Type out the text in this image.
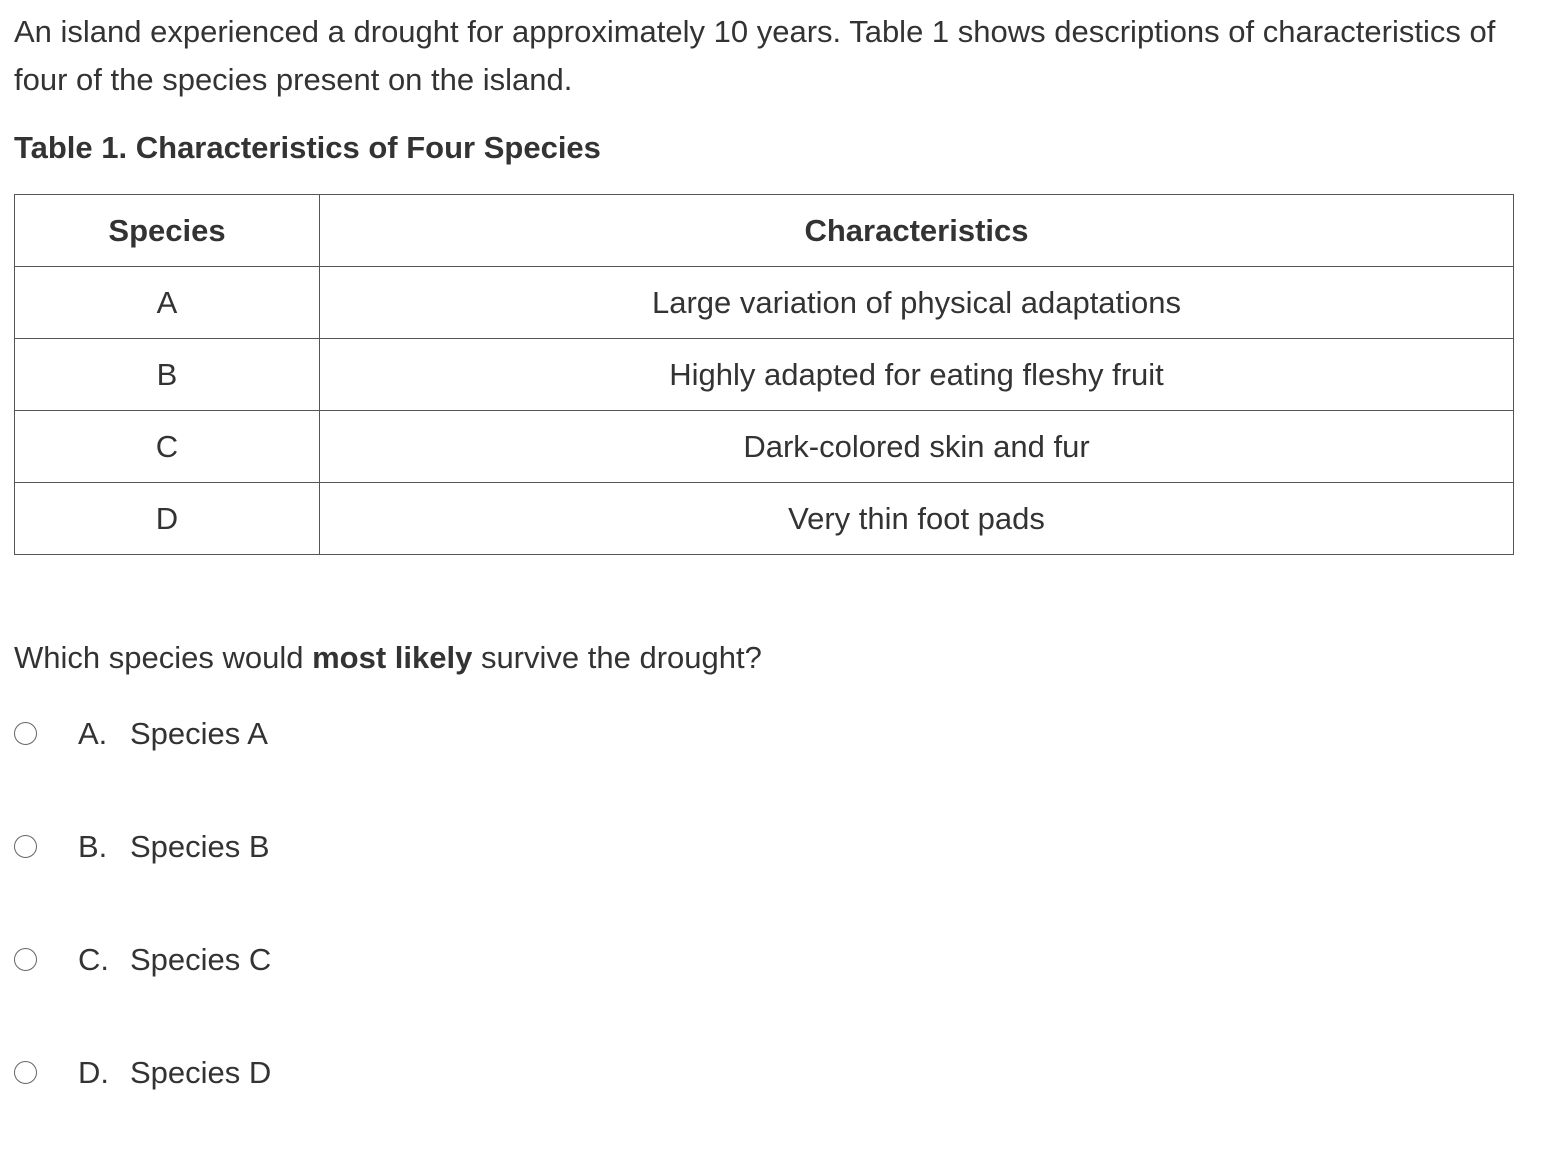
An island experienced a drought for approximately 10 years. Table 1 shows descriptions of characteristics of four of the species present on the island.

Table 1. Characteristics of Four Species

Species	Characteristics
A	Large variation of physical adaptations
B	Highly adapted for eating fleshy fruit
C	Dark-colored skin and fur
D	Very thin foot pads

Which species would most likely survive the drought?

A. Species A
B. Species B
C. Species C
D. Species D
